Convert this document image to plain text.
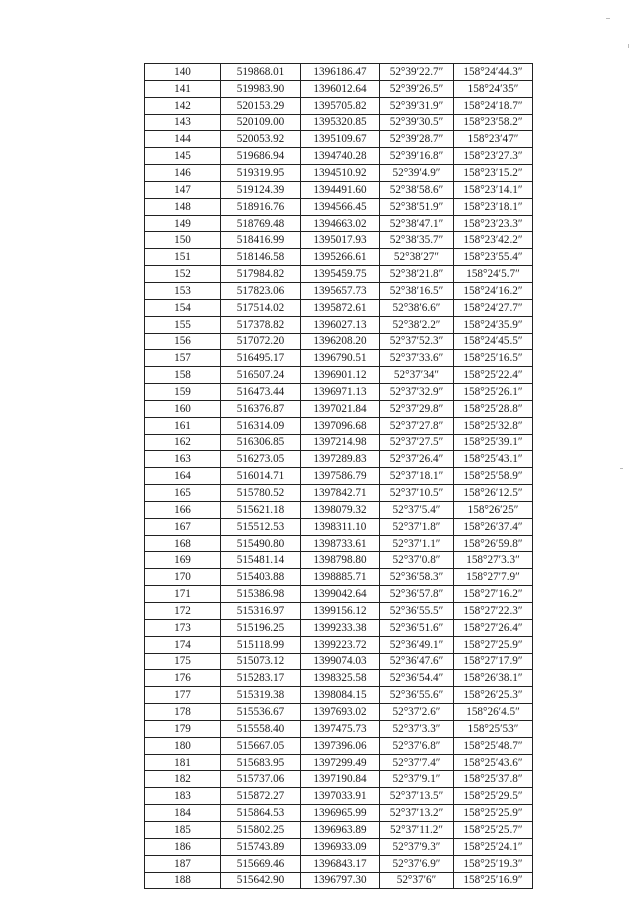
140	519868.01	1396186.47	52°39′22.7″	158°24′44.3″
141	519983.90	1396012.64	52°39′26.5″	158°24′35″
142	520153.29	1395705.82	52°39′31.9″	158°24′18.7″
143	520109.00	1395320.85	52°39′30.5″	158°23′58.2″
144	520053.92	1395109.67	52°39′28.7″	158°23′47″
145	519686.94	1394740.28	52°39′16.8″	158°23′27.3″
146	519319.95	1394510.92	52°39′4.9″	158°23′15.2″
147	519124.39	1394491.60	52°38′58.6″	158°23′14.1″
148	518916.76	1394566.45	52°38′51.9″	158°23′18.1″
149	518769.48	1394663.02	52°38′47.1″	158°23′23.3″
150	518416.99	1395017.93	52°38′35.7″	158°23′42.2″
151	518146.58	1395266.61	52°38′27″	158°23′55.4″
152	517984.82	1395459.75	52°38′21.8″	158°24′5.7″
153	517823.06	1395657.73	52°38′16.5″	158°24′16.2″
154	517514.02	1395872.61	52°38′6.6″	158°24′27.7″
155	517378.82	1396027.13	52°38′2.2″	158°24′35.9″
156	517072.20	1396208.20	52°37′52.3″	158°24′45.5″
157	516495.17	1396790.51	52°37′33.6″	158°25′16.5″
158	516507.24	1396901.12	52°37′34″	158°25′22.4″
159	516473.44	1396971.13	52°37′32.9″	158°25′26.1″
160	516376.87	1397021.84	52°37′29.8″	158°25′28.8″
161	516314.09	1397096.68	52°37′27.8″	158°25′32.8″
162	516306.85	1397214.98	52°37′27.5″	158°25′39.1″
163	516273.05	1397289.83	52°37′26.4″	158°25′43.1″
164	516014.71	1397586.79	52°37′18.1″	158°25′58.9″
165	515780.52	1397842.71	52°37′10.5″	158°26′12.5″
166	515621.18	1398079.32	52°37′5.4″	158°26′25″
167	515512.53	1398311.10	52°37′1.8″	158°26′37.4″
168	515490.80	1398733.61	52°37′1.1″	158°26′59.8″
169	515481.14	1398798.80	52°37′0.8″	158°27′3.3″
170	515403.88	1398885.71	52°36′58.3″	158°27′7.9″
171	515386.98	1399042.64	52°36′57.8″	158°27′16.2″
172	515316.97	1399156.12	52°36′55.5″	158°27′22.3″
173	515196.25	1399233.38	52°36′51.6″	158°27′26.4″
174	515118.99	1399223.72	52°36′49.1″	158°27′25.9″
175	515073.12	1399074.03	52°36′47.6″	158°27′17.9″
176	515283.17	1398325.58	52°36′54.4″	158°26′38.1″
177	515319.38	1398084.15	52°36′55.6″	158°26′25.3″
178	515536.67	1397693.02	52°37′2.6″	158°26′4.5″
179	515558.40	1397475.73	52°37′3.3″	158°25′53″
180	515667.05	1397396.06	52°37′6.8″	158°25′48.7″
181	515683.95	1397299.49	52°37′7.4″	158°25′43.6″
182	515737.06	1397190.84	52°37′9.1″	158°25′37.8″
183	515872.27	1397033.91	52°37′13.5″	158°25′29.5″
184	515864.53	1396965.99	52°37′13.2″	158°25′25.9″
185	515802.25	1396963.89	52°37′11.2″	158°25′25.7″
186	515743.89	1396933.09	52°37′9.3″	158°25′24.1″
187	515669.46	1396843.17	52°37′6.9″	158°25′19.3″
188	515642.90	1396797.30	52°37′6″	158°25′16.9″
